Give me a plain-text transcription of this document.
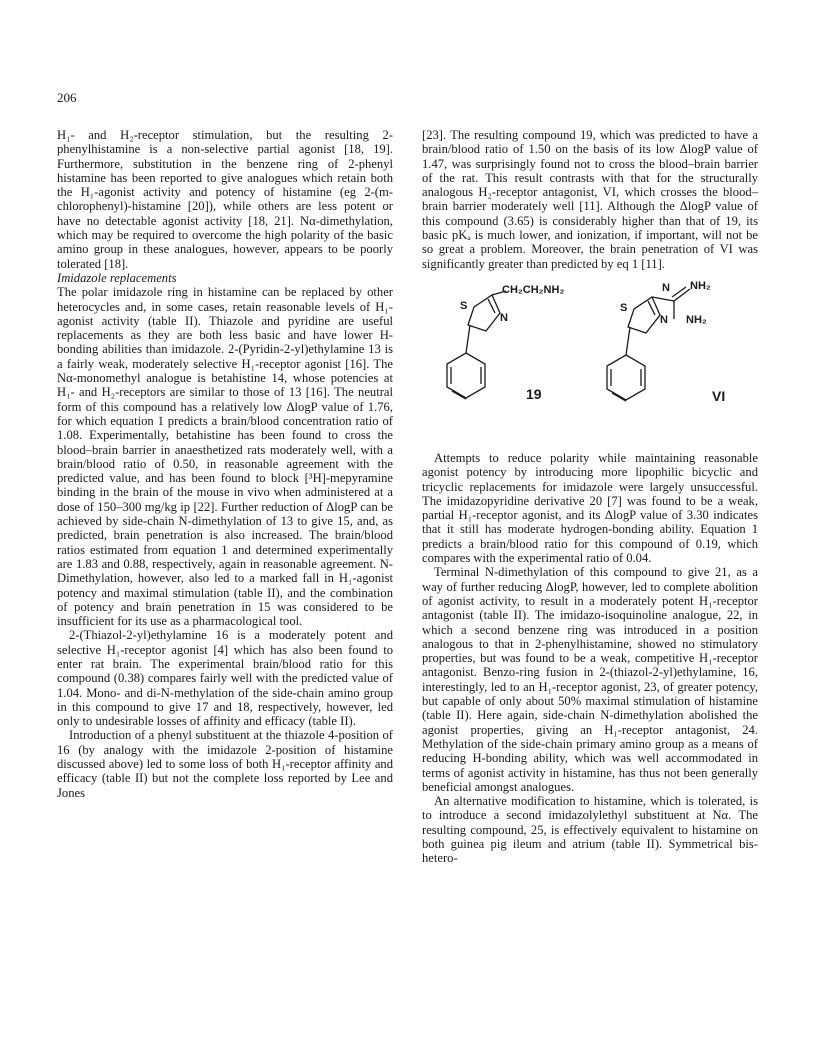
206

H₁- and H₂-receptor stimulation, but the resulting 2-phenylhistamine is a non-selective partial agonist [18, 19]. Furthermore, substitution in the benzene ring of 2-phenyl histamine has been reported to give analogues which retain both the H₁-agonist activity and potency of histamine (eg 2-(m-chlorophenyl)-histamine [20]), while others are less potent or have no detectable agonist activity [18, 21]. Nα-dimethylation, which may be required to overcome the high polarity of the basic amino group in these analogues, however, appears to be poorly tolerated [18].

Imidazole replacements

The polar imidazole ring in histamine can be replaced by other heterocycles and, in some cases, retain reasonable levels of H₁-agonist activity (table II). Thiazole and pyridine are useful replacements as they are both less basic and have lower H-bonding abilities than imidazole. 2-(Pyridin-2-yl)ethylamine 13 is a fairly weak, moderately selective H₁-receptor agonist [16]. The Nα-monomethyl analogue is betahistine 14, whose potencies at H₁- and H₂-receptors are similar to those of 13 [16]. The neutral form of this compound has a relatively low ΔlogP value of 1.76, for which equation 1 predicts a brain/blood concentration ratio of 1.08. Experimentally, betahistine has been found to cross the blood–brain barrier in anaesthetized rats moderately well, with a brain/blood ratio of 0.50, in reasonable agreement with the predicted value, and has been found to block [³H]-mepyramine binding in the brain of the mouse in vivo when administered at a dose of 150–300 mg/kg ip [22]. Further reduction of ΔlogP can be achieved by side-chain N-dimethylation of 13 to give 15, and, as predicted, brain penetration is also increased. The brain/blood ratios estimated from equation 1 and determined experimentally are 1.83 and 0.88, respectively, again in reasonable agreement. N-Dimethylation, however, also led to a marked fall in H₁-agonist potency and maximal stimulation (table II), and the combination of potency and brain penetration in 15 was considered to be insufficient for its use as a pharmacological tool.

2-(Thiazol-2-yl)ethylamine 16 is a moderately potent and selective H₁-receptor agonist [4] which has also been found to enter rat brain. The experimental brain/blood ratio for this compound (0.38) compares fairly well with the predicted value of 1.04. Mono- and di-N-methylation of the side-chain amino group in this compound to give 17 and 18, respectively, however, led only to undesirable losses of affinity and efficacy (table II).

Introduction of a phenyl substituent at the thiazole 4-position of 16 (by analogy with the imidazole 2-position of histamine discussed above) led to some loss of both H₁-receptor affinity and efficacy (table II) but not the complete loss reported by Lee and Jones

[23]. The resulting compound 19, which was predicted to have a brain/blood ratio of 1.50 on the basis of its low ΔlogP value of 1.47, was surprisingly found not to cross the blood–brain barrier of the rat. This result contrasts with that for the structurally analogous H₂-receptor antagonist, VI, which crosses the blood–brain barrier moderately well [11]. Although the ΔlogP value of this compound (3.65) is considerably higher than that of 19, its basic pKₐ is much lower, and ionization, if important, will not be so great a problem. Moreover, the brain penetration of VI was significantly greater than predicted by eq 1 [11].

CH₂CH₂NH₂
S
N
S
N
N NH₂
NH₂
19	VI

Attempts to reduce polarity while maintaining reasonable agonist potency by introducing more lipophilic bicyclic and tricyclic replacements for imidazole were largely unsuccessful. The imidazopyridine derivative 20 [7] was found to be a weak, partial H₁-receptor agonist, and its ΔlogP value of 3.30 indicates that it still has moderate hydrogen-bonding ability. Equation 1 predicts a brain/blood ratio for this compound of 0.19, which compares with the experimental ratio of 0.04.

Terminal N-dimethylation of this compound to give 21, as a way of further reducing ΔlogP, however, led to complete abolition of agonist activity, to result in a moderately potent H₁-receptor antagonist (table II). The imidazo-isoquinoline analogue, 22, in which a second benzene ring was introduced in a position analogous to that in 2-phenylhistamine, showed no stimulatory properties, but was found to be a weak, competitive H₁-receptor antagonist. Benzo-ring fusion in 2-(thiazol-2-yl)ethylamine, 16, interestingly, led to an H₁-receptor agonist, 23, of greater potency, but capable of only about 50% maximal stimulation of histamine (table II). Here again, side-chain N-dimethylation abolished the agonist properties, giving an H₁-receptor antagonist, 24. Methylation of the side-chain primary amino group as a means of reducing H-bonding ability, which was well accommodated in terms of agonist activity in histamine, has thus not been generally beneficial amongst analogues.

An alternative modification to histamine, which is tolerated, is to introduce a second imidazolylethyl substituent at Nα. The resulting compound, 25, is effectively equivalent to histamine on both guinea pig ileum and atrium (table II). Symmetrical bis-hetero-
